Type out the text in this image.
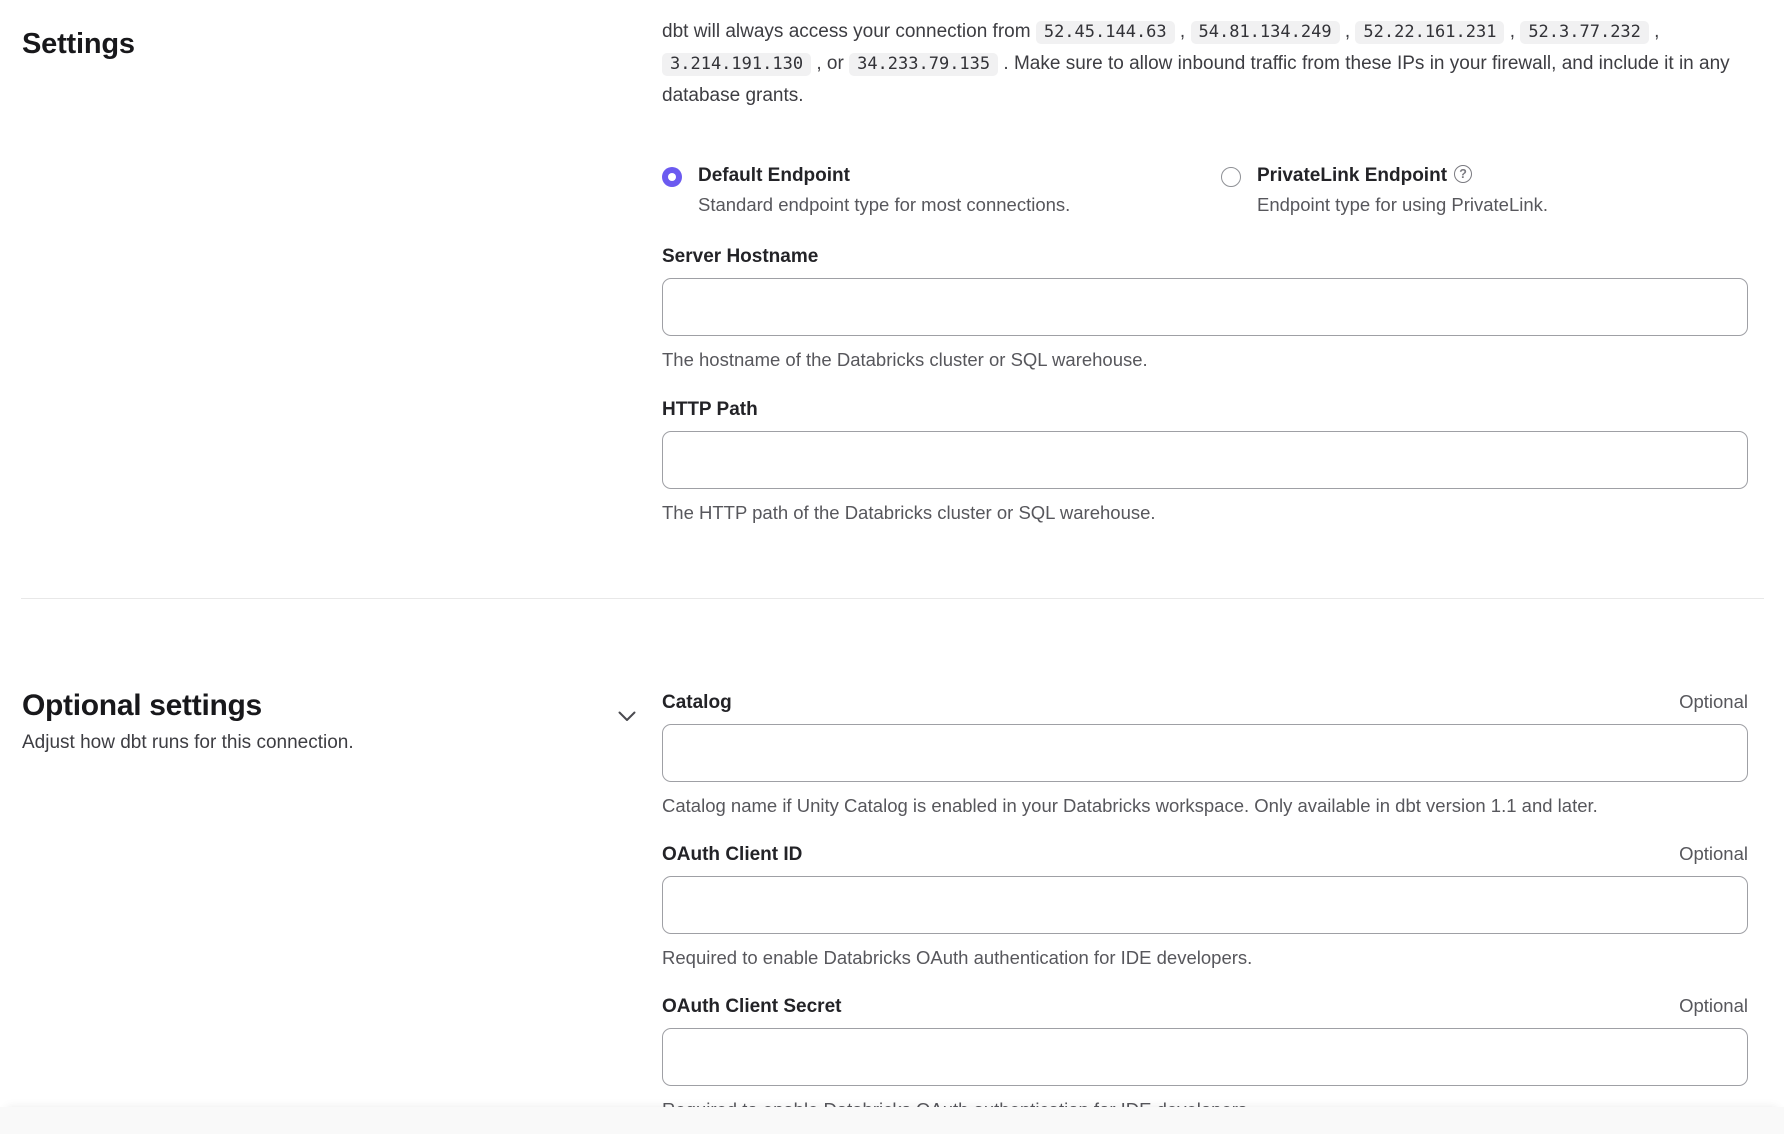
Settings	dbt will always access your connection from 52.45.144.63 , 54.81.134.249 , 52.22.161.231 , 52.3.77.232 , 3.214.191.130 , or 34.233.79.135 . Make sure to allow inbound traffic from these IPs in your firewall, and include it in any database grants.

Default Endpoint
Standard endpoint type for most connections.
PrivateLink Endpoint ?
Endpoint type for using PrivateLink.
Server Hostname
The hostname of the Databricks cluster or SQL warehouse.
HTTP Path
The HTTP path of the Databricks cluster or SQL warehouse.
Optional settings

Adjust how dbt runs for this connection.

Catalog	Optional
Catalog name if Unity Catalog is enabled in your Databricks workspace. Only available in dbt version 1.1 and later.
OAuth Client ID	Optional
Required to enable Databricks OAuth authentication for IDE developers.
OAuth Client Secret	Optional
